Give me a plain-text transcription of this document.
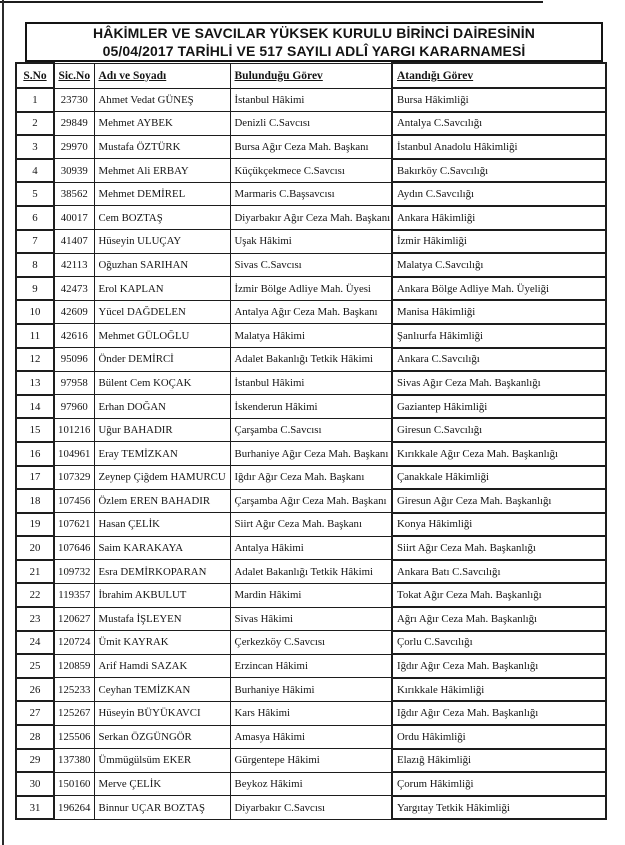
HÂKİMLER VE SAVCILAR YÜKSEK KURULU BİRİNCİ DAİRESİNİN
05/04/2017 TARİHLİ VE 517 SAYILI ADLÎ YARGI KARARNAMESİ
S.No	Sic.No	Adı ve Soyadı	Bulunduğu Görev	Atandığı Görev
1	23730	Ahmet Vedat GÜNEŞ	İstanbul Hâkimi	Bursa Hâkimliği
2	29849	Mehmet AYBEK	Denizli C.Savcısı	Antalya C.Savcılığı
3	29970	Mustafa ÖZTÜRK	Bursa Ağır Ceza Mah. Başkanı	İstanbul Anadolu Hâkimliği
4	30939	Mehmet Ali ERBAY	Küçükçekmece C.Savcısı	Bakırköy C.Savcılığı
5	38562	Mehmet DEMİREL	Marmaris C.Başsavcısı	Aydın C.Savcılığı
6	40017	Cem BOZTAŞ	Diyarbakır Ağır Ceza Mah. Başkanı	Ankara Hâkimliği
7	41407	Hüseyin ULUÇAY	Uşak Hâkimi	İzmir Hâkimliği
8	42113	Oğuzhan SARIHAN	Sivas C.Savcısı	Malatya C.Savcılığı
9	42473	Erol KAPLAN	İzmir Bölge Adliye Mah. Üyesi	Ankara Bölge Adliye Mah. Üyeliği
10	42609	Yücel DAĞDELEN	Antalya Ağır Ceza Mah. Başkanı	Manisa Hâkimliği
11	42616	Mehmet GÜLOĞLU	Malatya Hâkimi	Şanlıurfa Hâkimliği
12	95096	Önder DEMİRCİ	Adalet Bakanlığı Tetkik Hâkimi	Ankara C.Savcılığı
13	97958	Bülent Cem KOÇAK	İstanbul Hâkimi	Sivas Ağır Ceza Mah. Başkanlığı
14	97960	Erhan DOĞAN	İskenderun Hâkimi	Gaziantep Hâkimliği
15	101216	Uğur BAHADIR	Çarşamba C.Savcısı	Giresun C.Savcılığı
16	104961	Eray TEMİZKAN	Burhaniye Ağır Ceza Mah. Başkanı	Kırıkkale Ağır Ceza Mah. Başkanlığı
17	107329	Zeynep Çiğdem HAMURCU	Iğdır Ağır Ceza Mah. Başkanı	Çanakkale Hâkimliği
18	107456	Özlem EREN BAHADIR	Çarşamba Ağır Ceza Mah. Başkanı	Giresun Ağır Ceza Mah. Başkanlığı
19	107621	Hasan ÇELİK	Siirt Ağır Ceza Mah. Başkanı	Konya Hâkimliği
20	107646	Saim KARAKAYA	Antalya Hâkimi	Siirt Ağır Ceza Mah. Başkanlığı
21	109732	Esra DEMİRKOPARAN	Adalet Bakanlığı Tetkik Hâkimi	Ankara Batı C.Savcılığı
22	119357	İbrahim AKBULUT	Mardin Hâkimi	Tokat Ağır Ceza Mah. Başkanlığı
23	120627	Mustafa İŞLEYEN	Sivas Hâkimi	Ağrı Ağır Ceza Mah. Başkanlığı
24	120724	Ümit KAYRAK	Çerkezköy C.Savcısı	Çorlu C.Savcılığı
25	120859	Arif Hamdi SAZAK	Erzincan Hâkimi	Iğdır Ağır Ceza Mah. Başkanlığı
26	125233	Ceyhan TEMİZKAN	Burhaniye Hâkimi	Kırıkkale Hâkimliği
27	125267	Hüseyin BÜYÜKAVCI	Kars Hâkimi	Iğdır Ağır Ceza Mah. Başkanlığı
28	125506	Serkan ÖZGÜNGÖR	Amasya Hâkimi	Ordu Hâkimliği
29	137380	Ümmügülsüm EKER	Gürgentepe Hâkimi	Elazığ Hâkimliği
30	150160	Merve ÇELİK	Beykoz Hâkimi	Çorum Hâkimliği
31	196264	Binnur UÇAR BOZTAŞ	Diyarbakır C.Savcısı	Yargıtay Tetkik Hâkimliği
